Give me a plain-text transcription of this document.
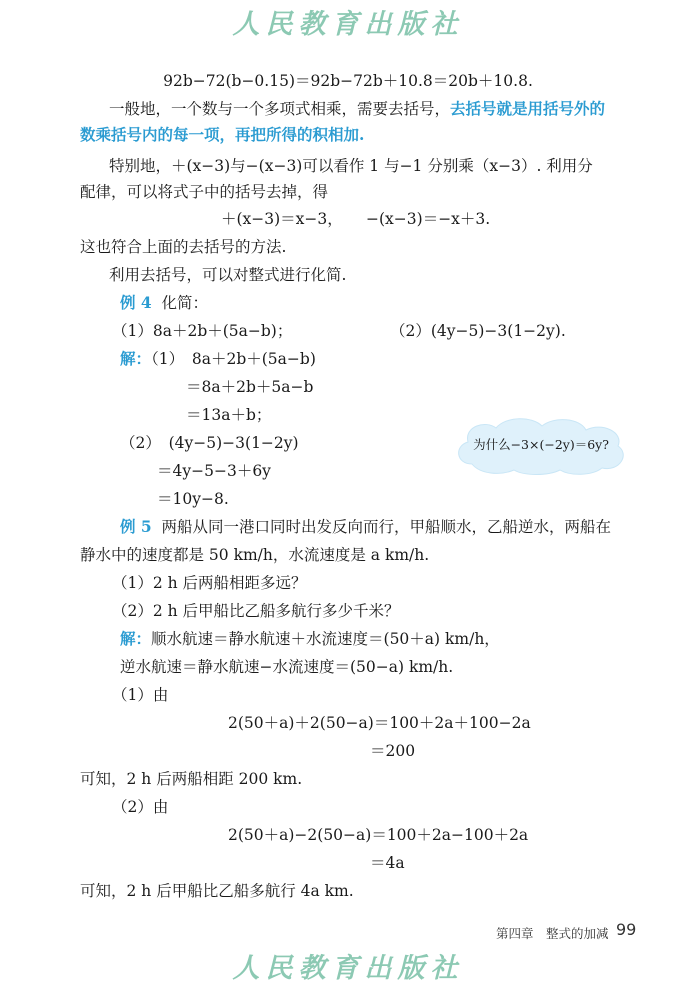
人民教育出版社
92b−72(b−0.15)＝92b−72b＋10.8＝20b＋10.8.
一般地，一个数与一个多项式相乘，需要去括号，去括号就是用括号外的
数乘括号内的每一项，再把所得的积相加.
特别地，＋(x−3)与−(x−3)可以看作 1 与−1 分别乘（x−3）. 利用分
配律，可以将式子中的括号去掉，得
＋(x−3)＝x−3，　　−(x−3)＝−x＋3.
这也符合上面的去括号的方法.
利用去括号，可以对整式进行化简.
例 4 化简：
（1）8a＋2b＋(5a−b)；	（2）(4y−5)−3(1−2y).
解：（1）　8a＋2b＋(5a−b)
＝8a＋2b＋5a−b
＝13a＋b；
（2）　(4y−5)−3(1−2y)
＝4y−5−3＋6y
＝10y−8.
为什么−3×(−2y)＝6y?
例 5 两船从同一港口同时出发反向而行，甲船顺水，乙船逆水，两船在
静水中的速度都是 50 km/h，水流速度是 a km/h.
（1）2 h 后两船相距多远？
（2）2 h 后甲船比乙船多航行多少千米？
解：顺水航速＝静水航速＋水流速度＝(50＋a) km/h，
逆水航速＝静水航速−水流速度＝(50−a) km/h.
（1）由
2(50＋a)＋2(50−a)＝100＋2a＋100−2a
＝200
可知，2 h 后两船相距 200 km.
（2）由
2(50＋a)−2(50−a)＝100＋2a−100＋2a
＝4a
可知，2 h 后甲船比乙船多航行 4a km.
第四章　整式的加减 99
人民教育出版社
